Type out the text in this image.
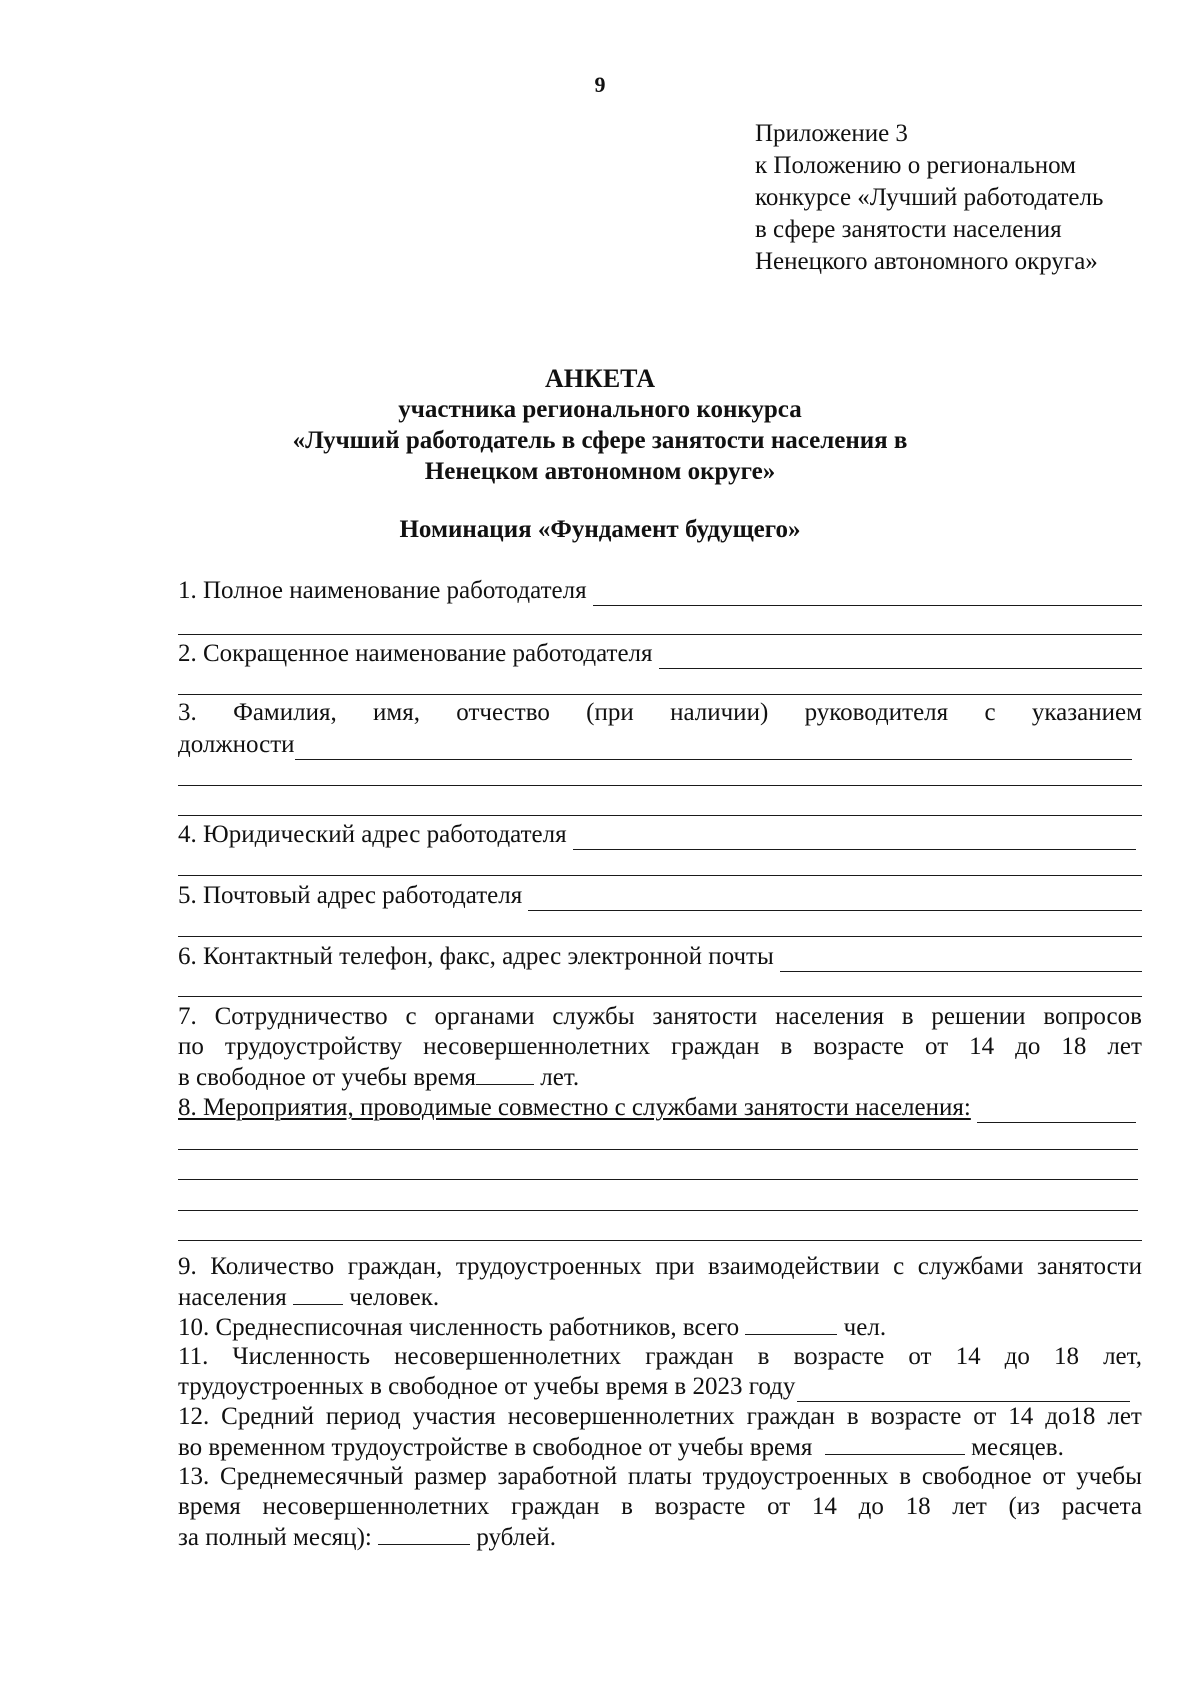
9
Приложение 3
к Положению о региональном
конкурсе «Лучший работодатель
в сфере занятости населения
Ненецкого автономного округа»
АНКЕТА
участника регионального конкурса
«Лучший работодатель в сфере занятости населения в
Ненецком автономном округе»
Номинация «Фундамент будущего»
1. Полное наименование работодателя
2. Сокращенное наименование работодателя
3. Фамилия, имя, отчество (при наличии) руководителя с указанием
должности
4. Юридический адрес работодателя
5. Почтовый адрес работодателя
6. Контактный телефон, факс, адрес электронной почты
7. Сотрудничество с органами службы занятости населения в решении вопросов
по трудоустройству несовершеннолетних граждан в возрасте от 14 до 18 лет
в свободное от учебы время	лет.
8. Мероприятия, проводимые совместно с службами занятости населения:
9. Количество граждан, трудоустроенных при взаимодействии с службами занятости
населения	человек.
10. Среднесписочная численность работников, всего	чел.
11. Численность несовершеннолетних граждан в возрасте от 14 до 18 лет,
трудоустроенных в свободное от учебы время в 2023 году
12. Средний период участия несовершеннолетних граждан в возрасте от 14 до18 лет
во временном трудоустройстве в свободное от учебы время	месяцев.
13. Среднемесячный размер заработной платы трудоустроенных в свободное от учебы
время несовершеннолетних граждан в возрасте от 14 до 18 лет (из расчета
за полный месяц):	рублей.
